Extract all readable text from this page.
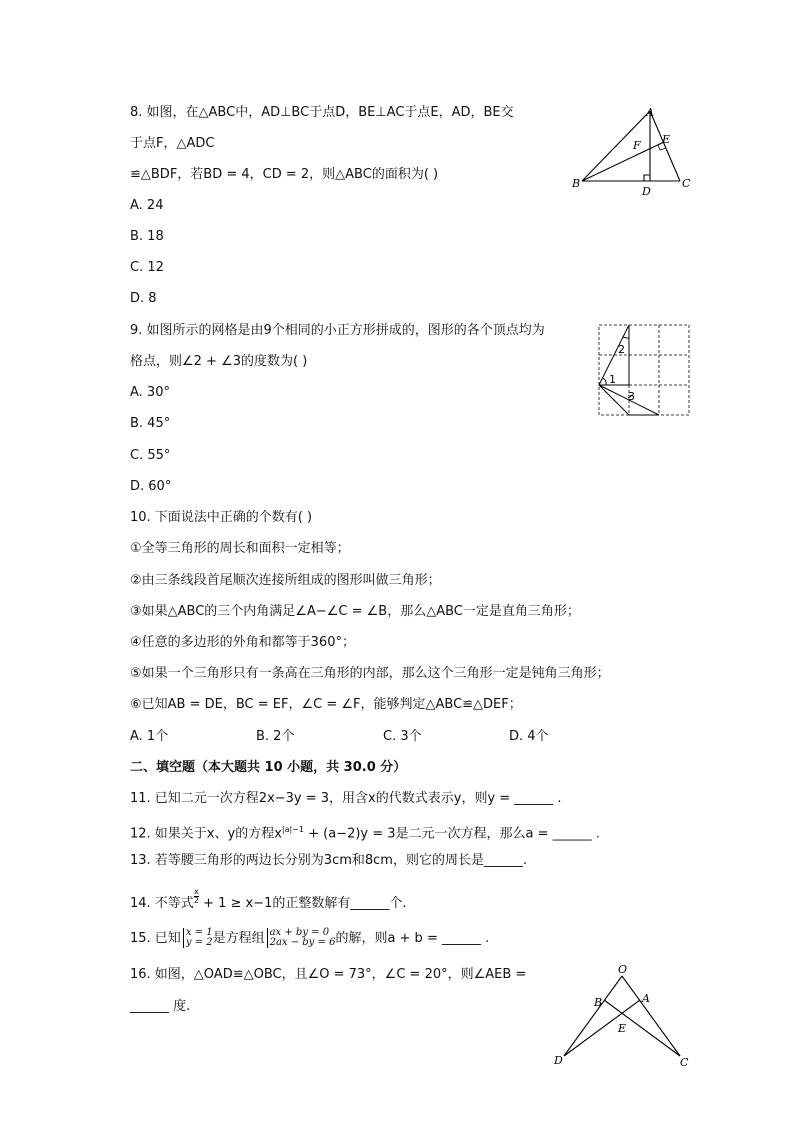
8. 如图，在△ABC中，AD⊥BC于点D，BE⊥AC于点E，AD，BE交
于点F，△ADC
≌△BDF，若BD = 4，CD = 2，则△ABC的面积为( )
A. 24
B. 18
C. 12
D. 8
A
B	C
D
E
F
9. 如图所示的网格是由9个相同的小正方形拼成的，图形的各个顶点均为
格点，则∠2 + ∠3的度数为( )
A. 30°
B. 45°
C. 55°
D. 60°
1
2
3
10. 下面说法中正确的个数有( )
①全等三角形的周长和面积一定相等；
②由三条线段首尾顺次连接所组成的图形叫做三角形；
③如果△ABC的三个内角满足∠A−∠C = ∠B，那么△ABC一定是直角三角形；
④任意的多边形的外角和都等于360°；
⑤如果一个三角形只有一条高在三角形的内部，那么这个三角形一定是钝角三角形；
⑥已知AB = DE，BC = EF，∠C = ∠F，能够判定△ABC≌△DEF；
A. 1个	B. 2个	C. 3个	D. 4个
二、填空题（本大题共 10 小题，共 30.0 分）
11. 已知二元一次方程2x−3y = 3，用含x的代数式表示y，则y = ______ .
12. 如果关于x、y的方程$x^{|a|-1} + (a-2)y = 3$是二元一次方程，那么a = ______ .
13. 若等腰三角形的两边长分别为3cm和8cm，则它的周长是______.
14. 不等式 $\frac{x}{2} + 1 \ge x-1$的正整数解有______个.
15. 已知 x = 1
y = 2 是方程组 ax + by = 0
2ax − by = 6 的解，则a + b = ______ .
16. 如图，△OAD≌△OBC，且∠O = 73°，∠C = 20°，则∠AEB =
______ 度.
O
B	A
E
D	C
